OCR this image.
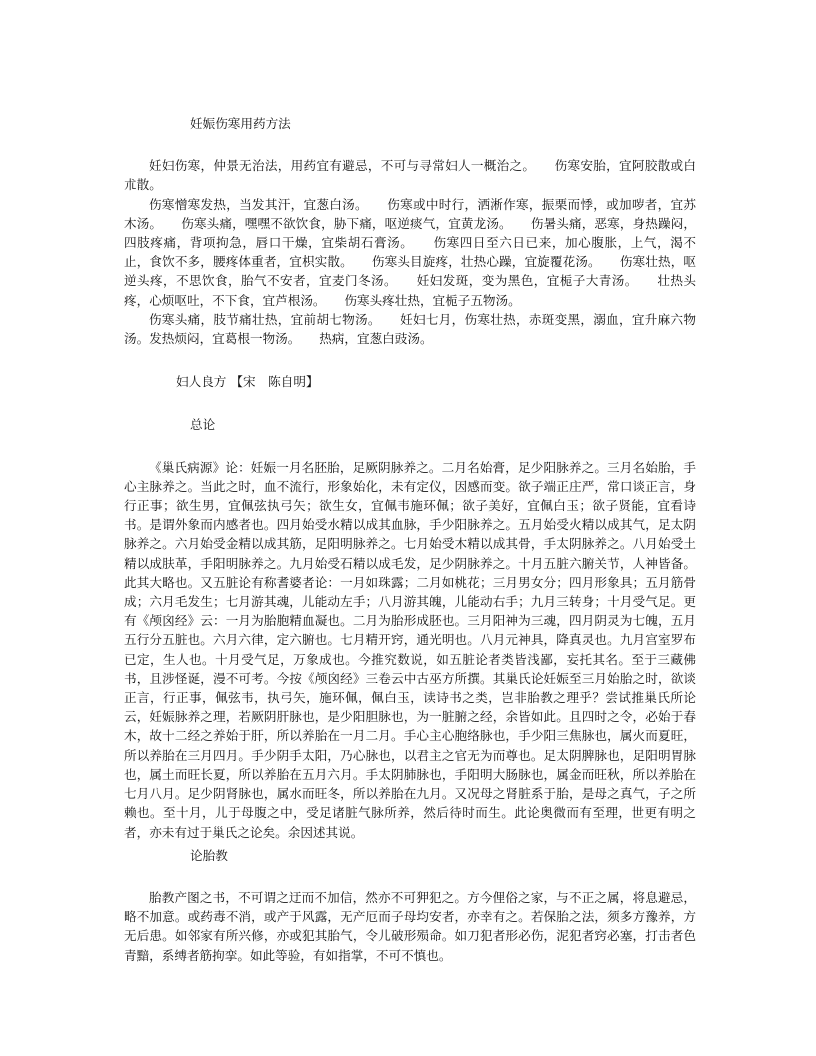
妊娠伤寒用药方法

妊妇伤寒，仲景无治法，用药宜有避忌，不可与寻常妇人一概治之。　　伤寒安胎，宜阿胶散或白朮散。

伤寒憎寒发热，当发其汗，宜葱白汤。　　伤寒或中时行，洒淅作寒，振栗而悸，或加哕者，宜苏木汤。　　伤寒头痛，嘿嘿不欲饮食，胁下痛，呕逆痰气，宜黄龙汤。　　伤暑头痛，恶寒，身热躁闷，四肢疼痛，背项拘急，唇口干燥，宜柴胡石膏汤。　　伤寒四日至六日已来，加心腹胀，上气，渴不止，食饮不多，腰疼体重者，宜枳实散。　　伤寒头目旋疼，壮热心躁，宜旋覆花汤。　　伤寒壮热，呕逆头疼，不思饮食，胎气不安者，宜麦门冬汤。　　妊妇发斑，变为黑色，宜栀子大青汤。　　壮热头疼，心烦呕吐，不下食，宜芦根汤。　　伤寒头疼壮热，宜栀子五物汤。

伤寒头痛，肢节痛壮热，宜前胡七物汤。　　妊妇七月，伤寒壮热，赤斑变黑，溺血，宜升麻六物汤。发热烦闷，宜葛根一物汤。　　热病，宜葱白豉汤。

妇人良方 【宋　陈自明】

总论

《巢氏病源》论：妊娠一月名胚胎，足厥阴脉养之。二月名始膏，足少阳脉养之。三月名始胎，手心主脉养之。当此之时，血不流行，形象始化，未有定仪，因感而变。欲子端正庄严，常口谈正言，身行正事；欲生男，宜佩弦执弓矢；欲生女，宜佩韦施环佩；欲子美好，宜佩白玉；欲子贤能，宜看诗书。是谓外象而内感者也。四月始受水精以成其血脉，手少阳脉养之。五月始受火精以成其气，足太阴脉养之。六月始受金精以成其筋，足阳明脉养之。七月始受木精以成其骨，手太阴脉养之。八月始受土精以成肤革，手阳明脉养之。九月始受石精以成毛发，足少阴脉养之。十月五脏六腑关节，人神皆备。此其大略也。又五脏论有称耆婆者论：一月如珠露；二月如桃花；三月男女分；四月形象具；五月筋骨成；六月毛发生；七月游其魂，儿能动左手；八月游其魄，儿能动右手；九月三转身；十月受气足。更有《颅囟经》云：一月为胎胞精血凝也。二月为胎形成胚也。三月阳神为三魂，四月阴灵为七魄，五月五行分五脏也。六月六律，定六腑也。七月精开窍，通光明也。八月元神具，降真灵也。九月宫室罗布已定，生人也。十月受气足，万象成也。今推究数说，如五脏论者类皆浅鄙，妄托其名。至于三藏佛书，且涉怪诞，漫不可考。今按《颅囟经》三卷云中古巫方所撰。其巢氏论妊娠至三月始胎之时，欲谈正言，行正事，佩弦韦，执弓矢，施环佩，佩白玉，读诗书之类，岂非胎教之理乎？尝试推巢氏所论云，妊娠脉养之理，若厥阴肝脉也，是少阳胆脉也，为一脏腑之经，余皆如此。且四时之令，必始于春木，故十二经之养始于肝，所以养胎在一月二月。手心主心胞络脉也，手少阳三焦脉也，属火而夏旺，所以养胎在三月四月。手少阴手太阳，乃心脉也，以君主之官无为而尊也。足太阴脾脉也，足阳明胃脉也，属土而旺长夏，所以养胎在五月六月。手太阴肺脉也，手阳明大肠脉也，属金而旺秋，所以养胎在七月八月。足少阴肾脉也，属水而旺冬，所以养胎在九月。又况母之肾脏系于胎，是母之真气，子之所赖也。至十月，儿于母腹之中，受足诸脏气脉所养，然后待时而生。此论奥微而有至理，世更有明之者，亦未有过于巢氏之论矣。余因述其说。

论胎教

胎教产图之书，不可谓之迂而不加信，然亦不可狎犯之。方今俚俗之家，与不正之属，将息避忌，略不加意。或药毒不消，或产于风露，无产厄而子母均安者，亦幸有之。若保胎之法，须多方豫养，方无后患。如邻家有所兴修，亦或犯其胎气，令儿破形殒命。如刀犯者形必伤，泥犯者窍必塞，打击者色青黯，系缚者筋拘挛。如此等验，有如指掌，不可不慎也。
